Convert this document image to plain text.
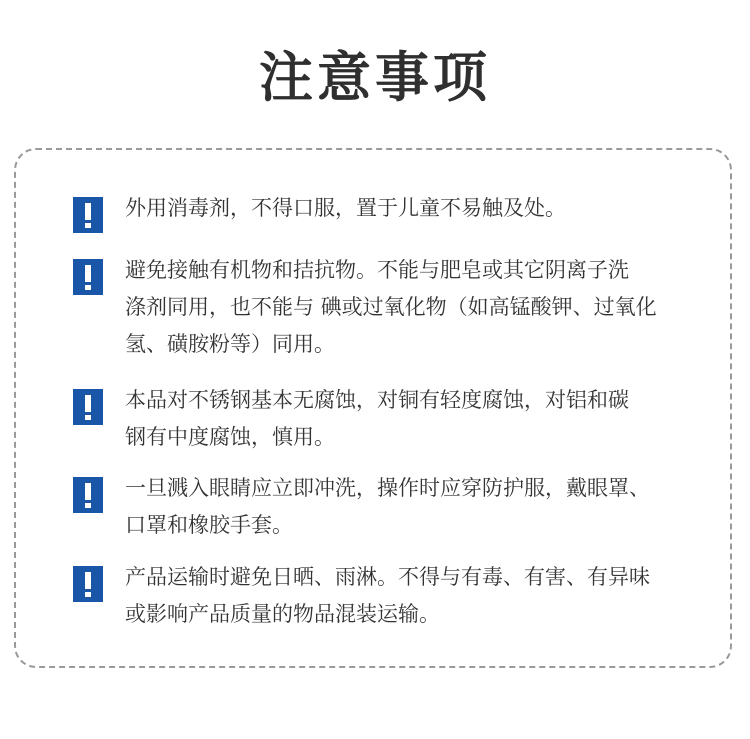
注意事项
外用消毒剂，不得口服，置于儿童不易触及处。
避免接触有机物和拮抗物。不能与肥皂或其它阴离子洗
涤剂同用，也不能与 碘或过氧化物（如高锰酸钾、过氧化
氢、磺胺粉等）同用。
本品对不锈钢基本无腐蚀，对铜有轻度腐蚀，对铝和碳
钢有中度腐蚀，慎用。
一旦溅入眼睛应立即冲洗，操作时应穿防护服，戴眼罩、
口罩和橡胶手套。
产品运输时避免日晒、雨淋。不得与有毒、有害、有异味
或影响产品质量的物品混装运输。
